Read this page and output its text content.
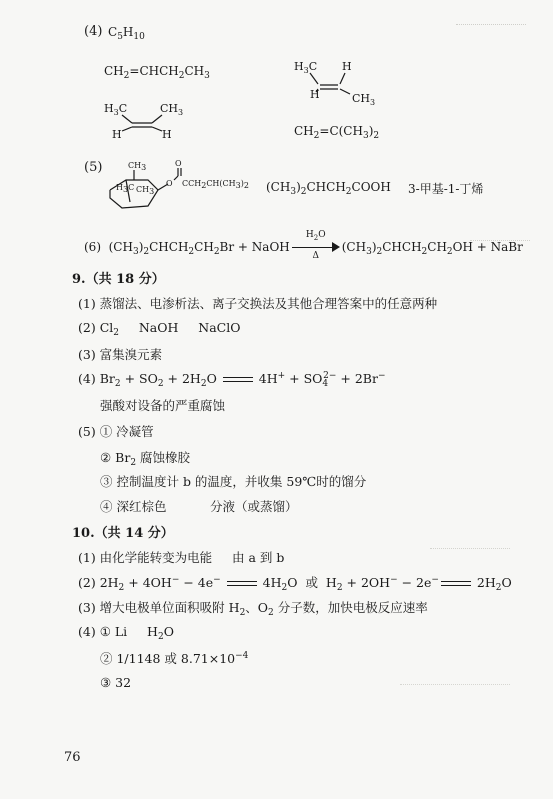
(4) $C_5H_{10}$
$CH_2=CHCH_2CH_3$
$H_3C$ H
H	$CH_3$
$H_3C$	$CH_3$
H	H	$CH_2=C(CH_3)_2$
(5)	CH3
H3C CH3
O
O
CCH2CH(CH3)2 $(CH_3)_2CHCH_2COOH$ 3-甲基-1-丁烯
(6)  $(CH_3)_2CHCH_2CH_2Br$ + NaOH $\frac{H_2O}{\Delta}$ $(CH_3)_2CHCH_2CH_2OH$ + NaBr
9.（共 18 分）
(1) 蒸馏法、电渗析法、离子交换法及其他合理答案中的任意两种
(2) $Cl_2$     NaOH     NaClO
(3) 富集溴元素
(4) $Br_2 + SO_2 + 2H_2O$	$4H^+ + SO_4^{2-} + 2Br^-$
强酸对设备的严重腐蚀
(5) ① 冷凝管
② $Br_2$ 腐蚀橡胶
③ 控制温度计 b 的温度，并收集 59℃时的馏分
④ 深红棕色	分液（或蒸馏）
10.（共 14 分）
(1) 由化学能转变为电能 由 a 到 b
(2) $2H_2 + 4OH^- - 4e^-$	$4H_2O$  或  $H_2 + 2OH^- - 2e^-$	$2H_2O$
(3) 增大电极单位面积吸附 $H_2$、$O_2$ 分子数，加快电极反应速率
(4) ① Li     $H_2O$
② 1/1148 或 $8.71\times 10^{-4}$
③ 32
76
